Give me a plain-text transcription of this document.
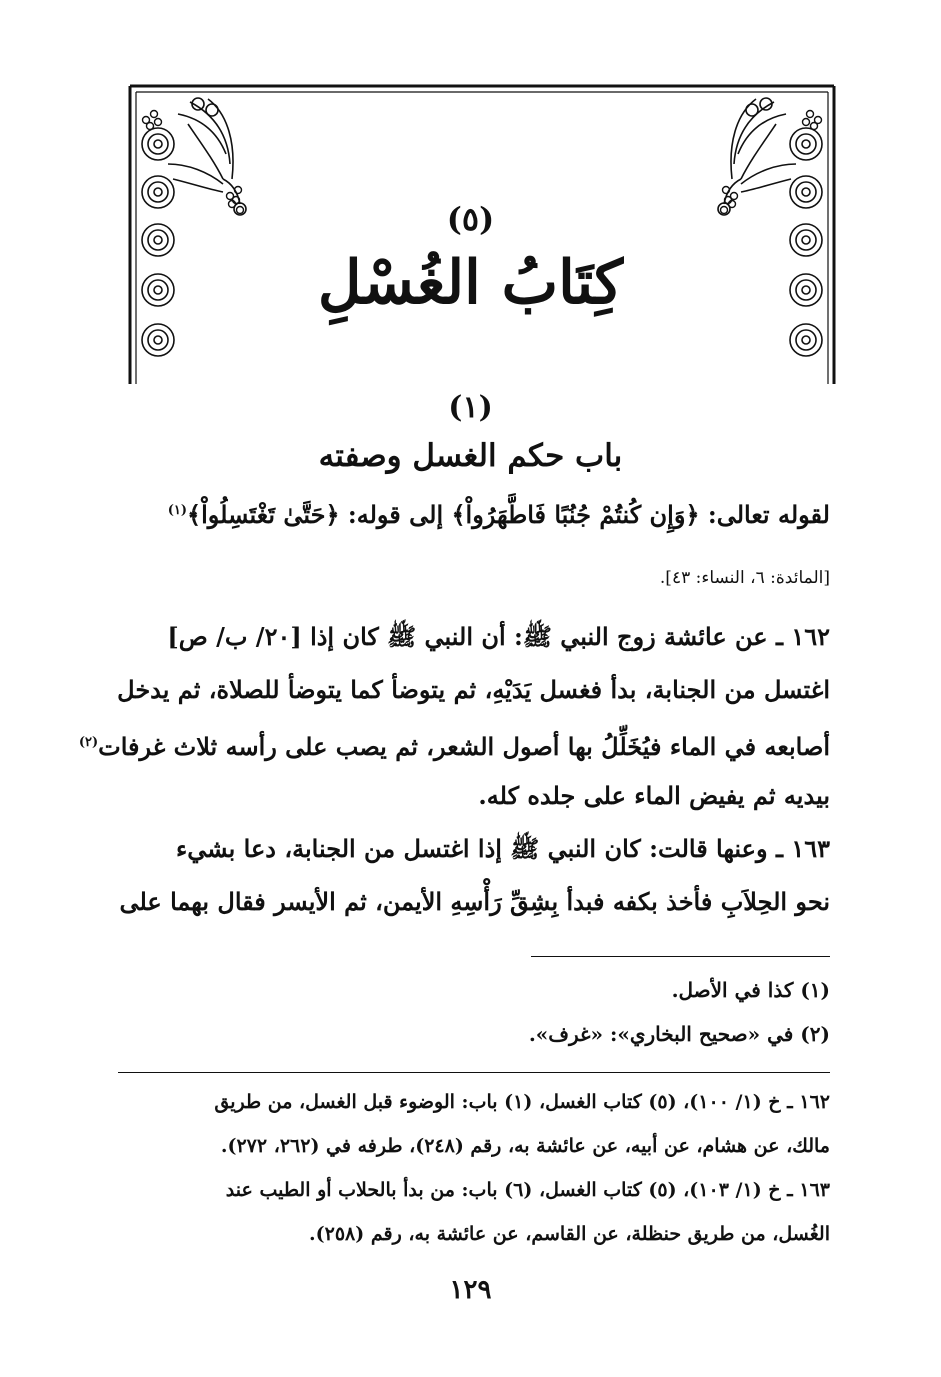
(٥)
كِتَابُ الغُسْلِ
(١)
باب حكم الغسل وصفته
لقوله تعالى: ﴿وَإِن كُنتُمْ جُنُبًا فَاطَّهَرُواْ﴾ إلى قوله: ﴿حَتَّىٰ تَغْتَسِلُواْ﴾$^{(١)}$
[المائدة: ٦، النساء: ٤٣].
١٦٢ ـ عن عائشة زوج النبي ﷺ: أن النبي ﷺ كان إذا [٢٠/ ب/ ص]
اغتسل من الجنابة، بدأ فغسل يَدَيْهِ، ثم يتوضأ كما يتوضأ للصلاة، ثم يدخل
أصابعه في الماء فيُخَلِّلُ بها أصول الشعر، ثم يصب على رأسه ثلاث غرفات$^{(٢)}$
بيديه ثم يفيض الماء على جلده كله.
١٦٣ ـ وعنها قالت: كان النبي ﷺ إذا اغتسل من الجنابة، دعا بشيء
نحو الحِلاَبِ فأخذ بكفه فبدأ بِشِقِّ رَأْسِهِ الأيمن، ثم الأيسر فقال بهما على
(١) كذا في الأصل.
(٢) في «صحيح البخاري»: «غرف».
١٦٢ ـ خ (١/ ١٠٠)، (٥) كتاب الغسل، (١) باب: الوضوء قبل الغسل، من طريق
مالك، عن هشام، عن أبيه، عن عائشة به، رقم (٢٤٨)، طرفه في (٢٦٢، ٢٧٢).
١٦٣ ـ خ (١/ ١٠٣)، (٥) كتاب الغسل، (٦) باب: من بدأ بالحلاب أو الطيب عند
الغُسل، من طريق حنظلة، عن القاسم، عن عائشة به، رقم (٢٥٨).
١٢٩
